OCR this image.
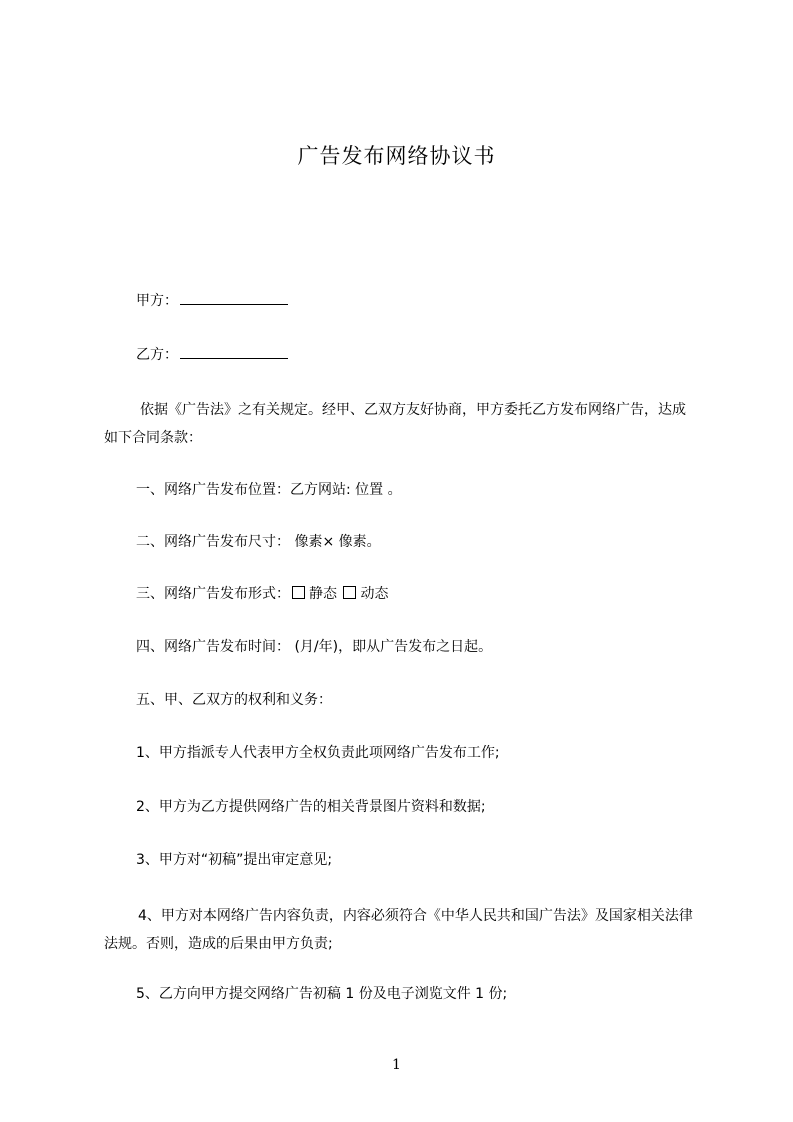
广告发布网络协议书
甲方：
乙方：
依据《广告法》之有关规定。经甲、乙双方友好协商，甲方委托乙方发布网络广告，达成如下合同条款：
一、网络广告发布位置：乙方网站: 位置 。
二、网络广告发布尺寸： 像素× 像素。
三、网络广告发布形式： 静态 动态
四、网络广告发布时间： (月/年)，即从广告发布之日起。
五、甲、乙双方的权利和义务：
1、甲方指派专人代表甲方全权负责此项网络广告发布工作;
2、甲方为乙方提供网络广告的相关背景图片资料和数据;
3、甲方对“初稿”提出审定意见;
4、甲方对本网络广告内容负责，内容必须符合《中华人民共和国广告法》及国家相关法律法规。否则，造成的后果由甲方负责;
5、乙方向甲方提交网络广告初稿 1 份及电子浏览文件 1 份;
1
